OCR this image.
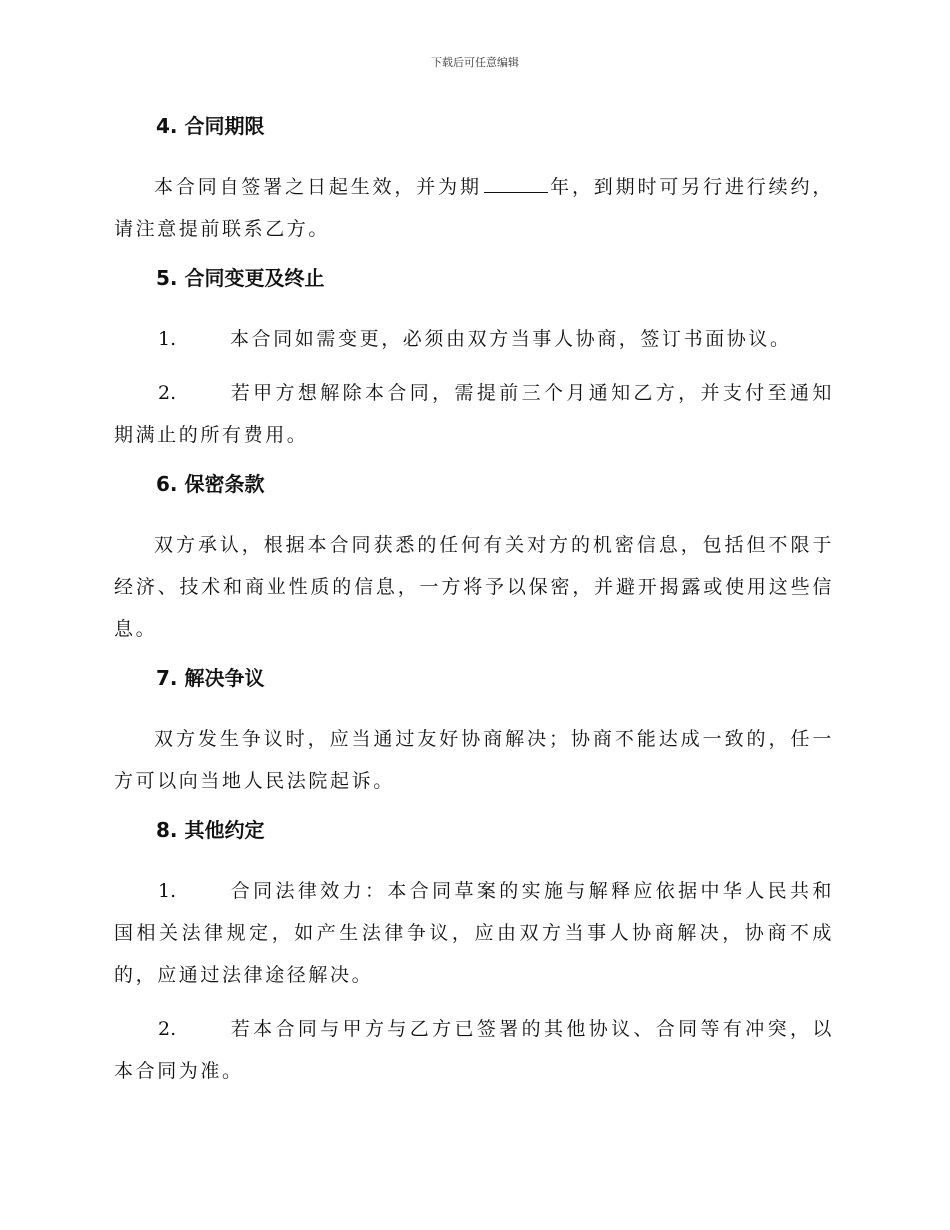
下载后可任意编辑
4. 合同期限
本合同自签署之日起生效，并为期	年，到期时可另行进行续约，请注意提前联系乙方。
5. 合同变更及终止
1.	本合同如需变更，必须由双方当事人协商，签订书面协议。
2.	若甲方想解除本合同，需提前三个月通知乙方，并支付至通知期满止的所有费用。
6. 保密条款
双方承认，根据本合同获悉的任何有关对方的机密信息，包括但不限于经济、技术和商业性质的信息，一方将予以保密，并避开揭露或使用这些信息。
7. 解决争议
双方发生争议时，应当通过友好协商解决；协商不能达成一致的，任一方可以向当地人民法院起诉。
8. 其他约定
1.	合同法律效力：本合同草案的实施与解释应依据中华人民共和国相关法律规定，如产生法律争议，应由双方当事人协商解决，协商不成的，应通过法律途径解决。
2.	若本合同与甲方与乙方已签署的其他协议、合同等有冲突，以本合同为准。
